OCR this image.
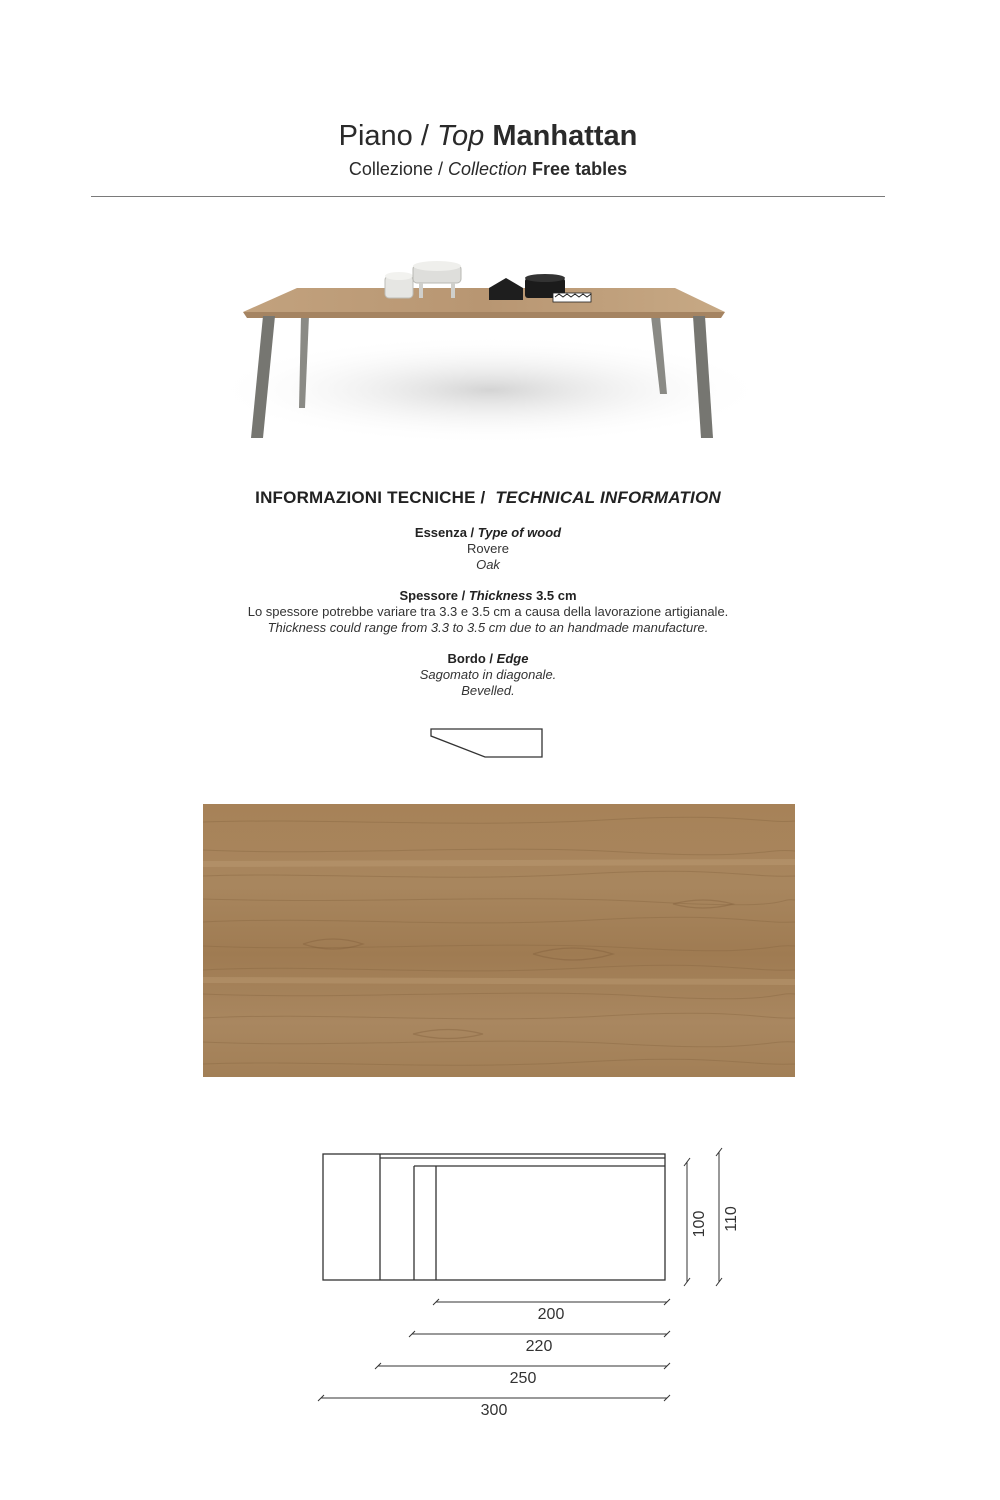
Piano / Top Manhattan
Collezione / Collection Free tables
INFORMAZIONI TECNICHE / TECHNICAL INFORMATION
Essenza / Type of wood
Rovere
Oak
Spessore / Thickness 3.5 cm
Lo spessore potrebbe variare tra 3.3 e 3.5 cm a causa della lavorazione artigianale.
Thickness could range from 3.3 to 3.5 cm due to an handmade manufacture.
Bordo / Edge
Sagomato in diagonale.
Bevelled.
100 110
200
220
250
300
